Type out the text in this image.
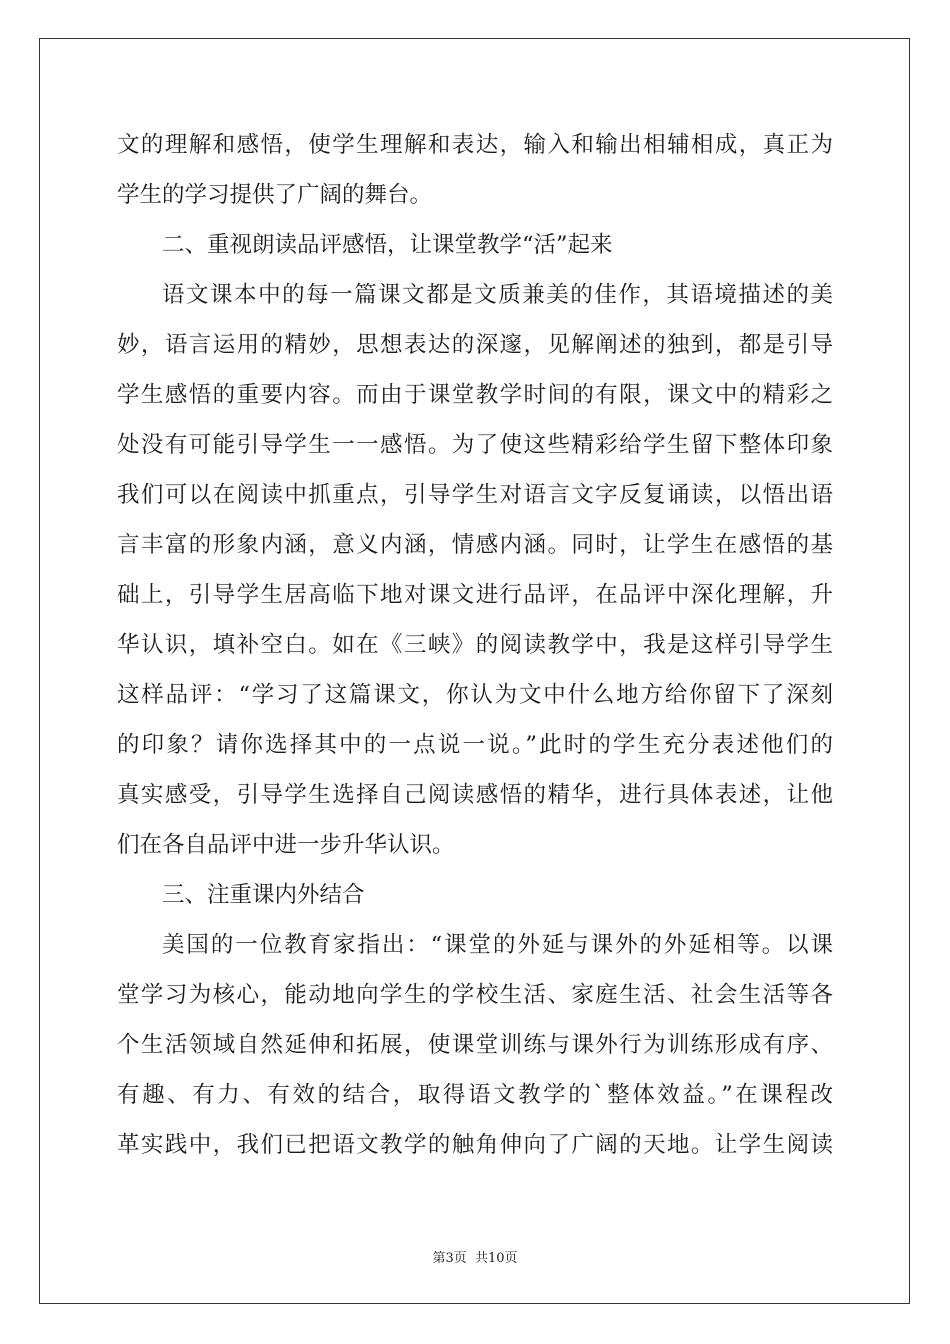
文的理解和感悟，使学生理解和表达，输入和输出相辅相成，真正为
学生的学习提供了广阔的舞台。
二、重视朗读品评感悟，让课堂教学“活”起来
语文课本中的每一篇课文都是文质兼美的佳作，其语境描述的美
妙，语言运用的精妙，思想表达的深邃，见解阐述的独到，都是引导
学生感悟的重要内容。而由于课堂教学时间的有限，课文中的精彩之
处没有可能引导学生一一感悟。为了使这些精彩给学生留下整体印象
我们可以在阅读中抓重点，引导学生对语言文字反复诵读，以悟出语
言丰富的形象内涵，意义内涵，情感内涵。同时，让学生在感悟的基
础上，引导学生居高临下地对课文进行品评，在品评中深化理解，升
华认识，填补空白。如在《三峡》的阅读教学中，我是这样引导学生
这样品评：“学习了这篇课文，你认为文中什么地方给你留下了深刻
的印象？请你选择其中的一点说一说。”此时的学生充分表述他们的
真实感受，引导学生选择自己阅读感悟的精华，进行具体表述，让他
们在各自品评中进一步升华认识。
三、注重课内外结合
美国的一位教育家指出：“课堂的外延与课外的外延相等。以课
堂学习为核心，能动地向学生的学校生活、家庭生活、社会生活等各
个生活领域自然延伸和拓展，使课堂训练与课外行为训练形成有序、
有趣、有力、有效的结合，取得语文教学的`整体效益。”在课程改
革实践中，我们已把语文教学的触角伸向了广阔的天地。让学生阅读
第3页 共10页
